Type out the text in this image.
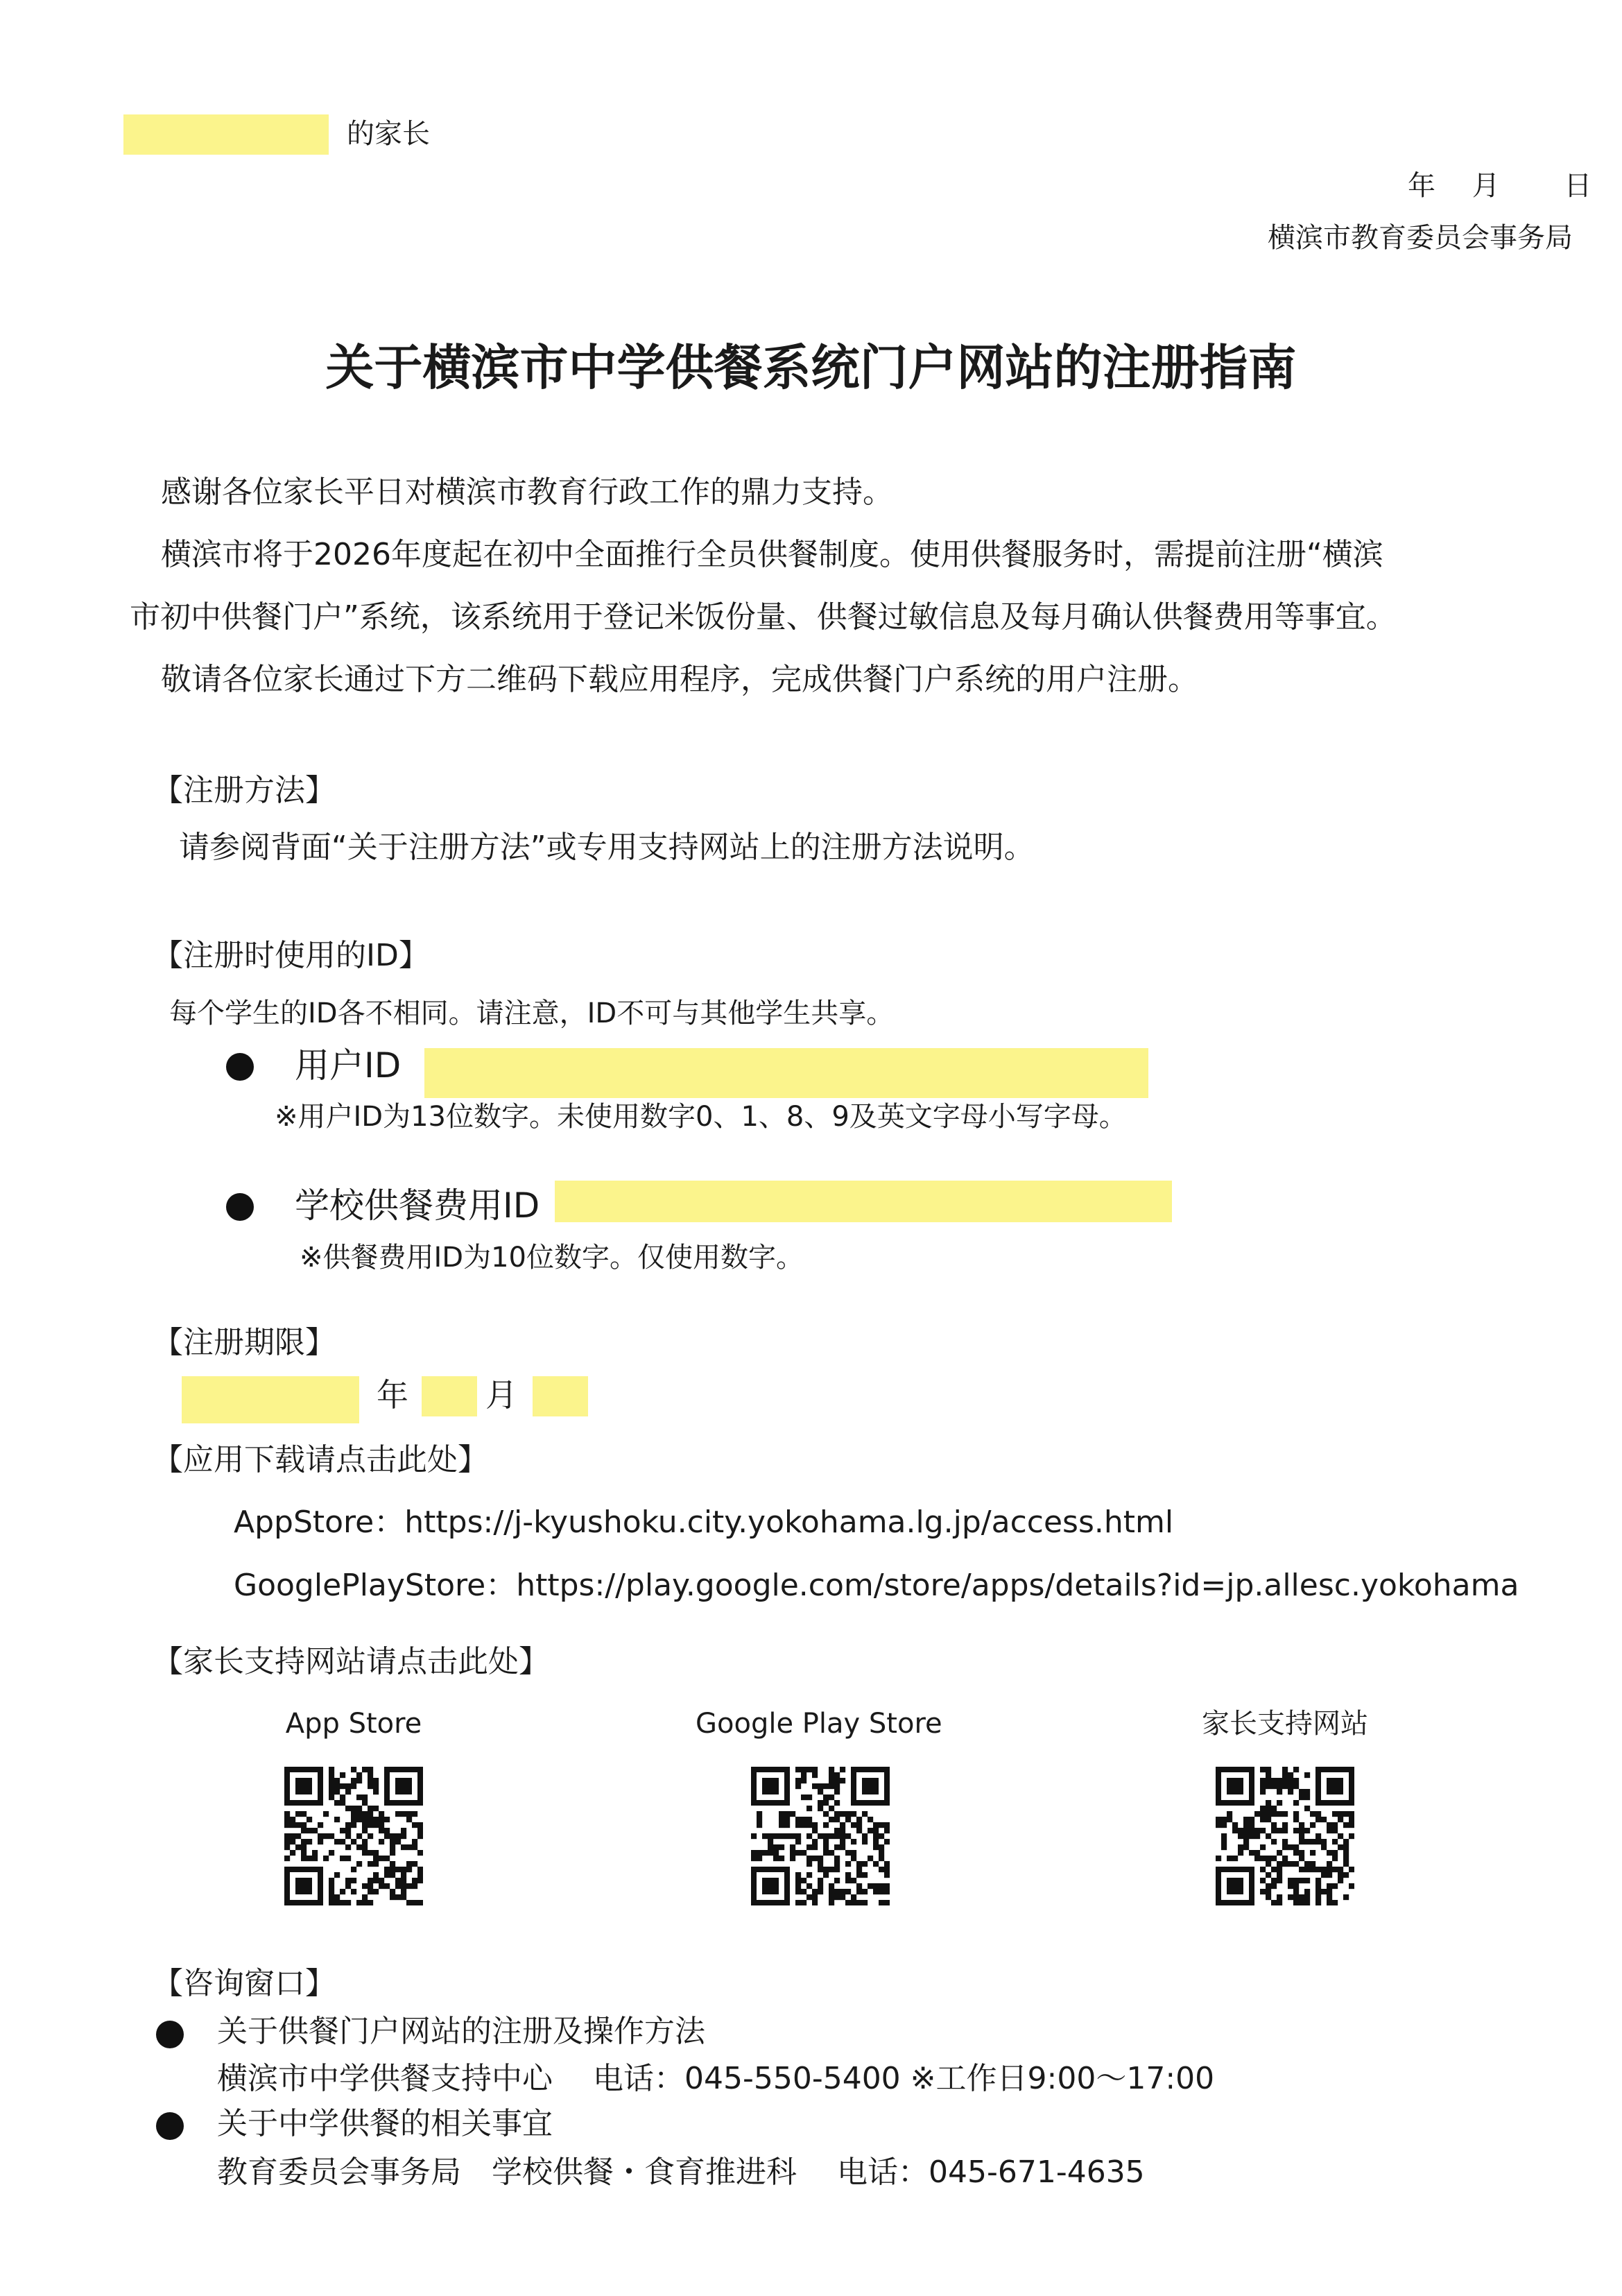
的家长
年　 月 　　日
横滨市教育委员会事务局
关于横滨市中学供餐系统门户网站的注册指南
感谢各位家长平日对横滨市教育行政工作的鼎力支持。
横滨市将于2026年度起在初中全面推行全员供餐制度。使用供餐服务时，需提前注册“横滨
市初中供餐门户”系统，该系统用于登记米饭份量、供餐过敏信息及每月确认供餐费用等事宜。
敬请各位家长通过下方二维码下载应用程序，完成供餐门户系统的用户注册。
【注册方法】
请参阅背面“关于注册方法”或专用支持网站上的注册方法说明。
【注册时使用的ID】
每个学生的ID各不相同。请注意，ID不可与其他学生共享。
用户ID
※用户ID为13位数字。未使用数字0、1、8、9及英文字母小写字母。
学校供餐费用ID
※供餐费用ID为10位数字。仅使用数字。
【注册期限】
年 月
【应用下载请点击此处】
AppStore：https://j-kyushoku.city.yokohama.lg.jp/access.html
GooglePlayStore：https://play.google.com/store/apps/details?id=jp.allesc.yokohama
【家长支持网站请点击此处】
App Store	Google Play Store	家长支持网站
【咨询窗口】
关于供餐门户网站的注册及操作方法
横滨市中学供餐支持中心　 电话：045-550-5400 ※工作日9:00〜17:00
关于中学供餐的相关事宜
教育委员会事务局　学校供餐・食育推进科　 电话：045-671-4635
